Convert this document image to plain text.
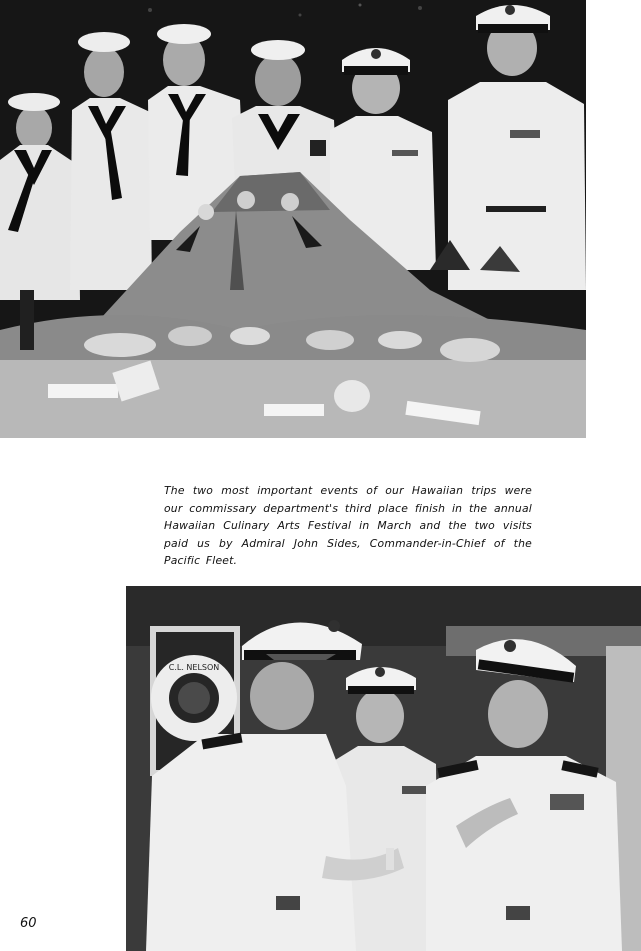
The two most important events of our Hawaiian trips were our commissary department's third place finish in the annual Hawaiian Culinary Arts Festival in March and the two visits paid us by Admiral John Sides, Commander-in-Chief of the Pacific Fleet.

C.L. NELSON
60
